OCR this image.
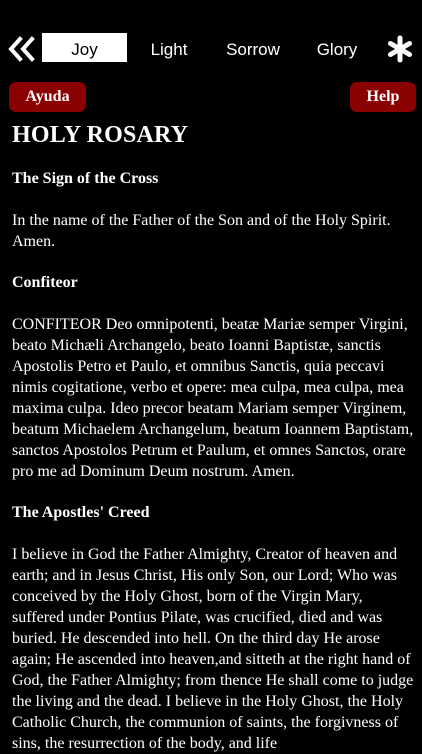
Joy	Light	Sorrow	Glory
Ayuda	Help
HOLY ROSARY
The Sign of the Cross

In the name of the Father of the Son and of the Holy Spirit. Amen.

Confiteor

CONFITEOR Deo omnipotenti, beatæ Mariæ semper Virgini, beato Michæli Archangelo, beato Ioanni Baptistæ, sanctis Apostolis Petro et Paulo, et omnibus Sanctis, quia peccavi nimis cogitatione, verbo et opere: mea culpa, mea culpa, mea maxima culpa. Ideo precor beatam Mariam semper Virginem, beatum Michaelem Archangelum, beatum Ioannem Baptistam, sanctos Apostolos Petrum et Paulum, et omnes Sanctos, orare pro me ad Dominum Deum nostrum. Amen.

The Apostles' Creed

I believe in God the Father Almighty, Creator of heaven and earth; and in Jesus Christ, His only Son, our Lord; Who was conceived by the Holy Ghost, born of the Virgin Mary, suffered under Pontius Pilate, was crucified, died and was buried. He descended into hell. On the third day He arose again; He ascended into heaven,and sitteth at the right hand of God, the Father Almighty; from thence He shall come to judge the living and the dead. I believe in the Holy Ghost, the Holy Catholic Church, the communion of saints, the forgivness of sins, the resurrection of the body, and life
